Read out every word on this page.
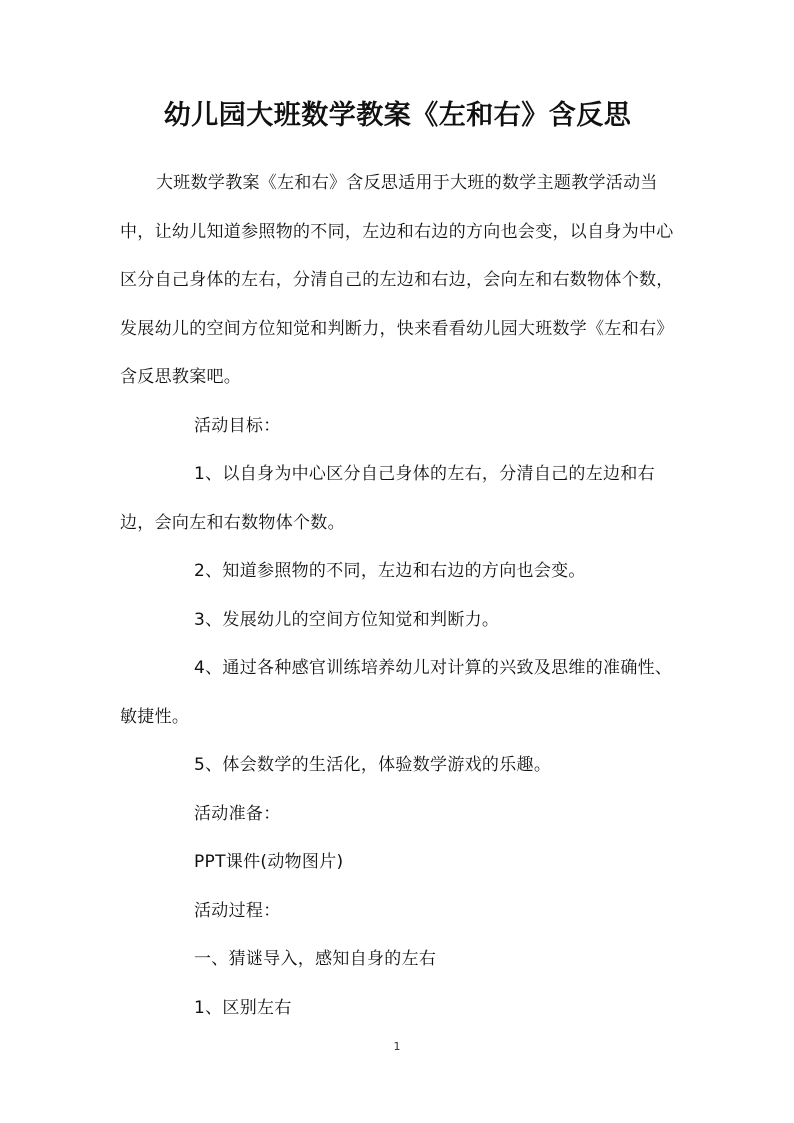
幼儿园大班数学教案《左和右》含反思

大班数学教案《左和右》含反思适用于大班的数学主题教学活动当中，让幼儿知道参照物的不同，左边和右边的方向也会变，以自身为中心区分自己身体的左右，分清自己的左边和右边，会向左和右数物体个数，发展幼儿的空间方位知觉和判断力，快来看看幼儿园大班数学《左和右》含反思教案吧。

活动目标：

1、以自身为中心区分自己身体的左右，分清自己的左边和右边，会向左和右数物体个数。

2、知道参照物的不同，左边和右边的方向也会变。

3、发展幼儿的空间方位知觉和判断力。

4、通过各种感官训练培养幼儿对计算的兴致及思维的准确性、敏捷性。

5、体会数学的生活化，体验数学游戏的乐趣。

活动准备：

PPT课件(动物图片)

活动过程：

一、猜谜导入，感知自身的左右

1、区别左右

1
